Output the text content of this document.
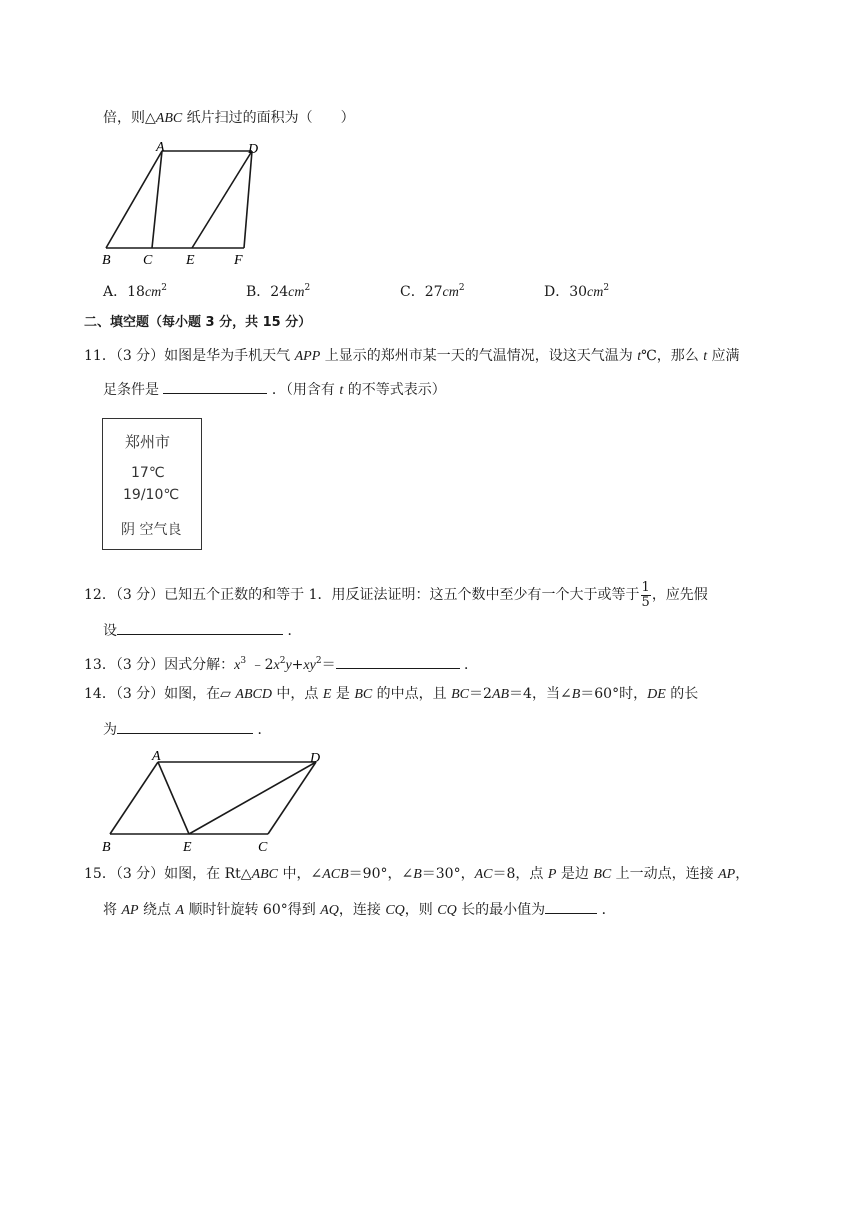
倍，则△ABC 纸片扫过的面积为（　　）
A	D
B C E	F
A．$18cm^2$	B．$24cm^2$	C．$27cm^2$	D．$30cm^2$
二、填空题（每小题 3 分，共 15 分）
11．（3 分）如图是华为手机天气 APP 上显示的郑州市某一天的气温情况，设这天气温为 t℃，那么 t 应满
足条件是	．（用含有 t 的不等式表示）
郑州市
17℃
19/10℃
阴 空气良
12．（3 分）已知五个正数的和等于 1．用反证法证明：这五个数中至少有一个大于或等于 $\frac{1}{5}$ ，应先假
设	．
13．（3 分）因式分解：$x^3$ $﹣2x^2y+xy^2=$	．
14．（3 分）如图，在▱ ABCD 中，点 E 是 BC 的中点，且 BC＝2AB＝4，当∠B＝60°时，DE 的长
为	．
A	D
B	E	C
15．（3 分）如图，在 Rt△ABC 中，∠ACB＝90°，∠B＝30°，AC＝8，点 P 是边 BC 上一动点，连接 AP，
将 AP 绕点 A 顺时针旋转 60°得到 AQ，连接 CQ，则 CQ 长的最小值为	．
